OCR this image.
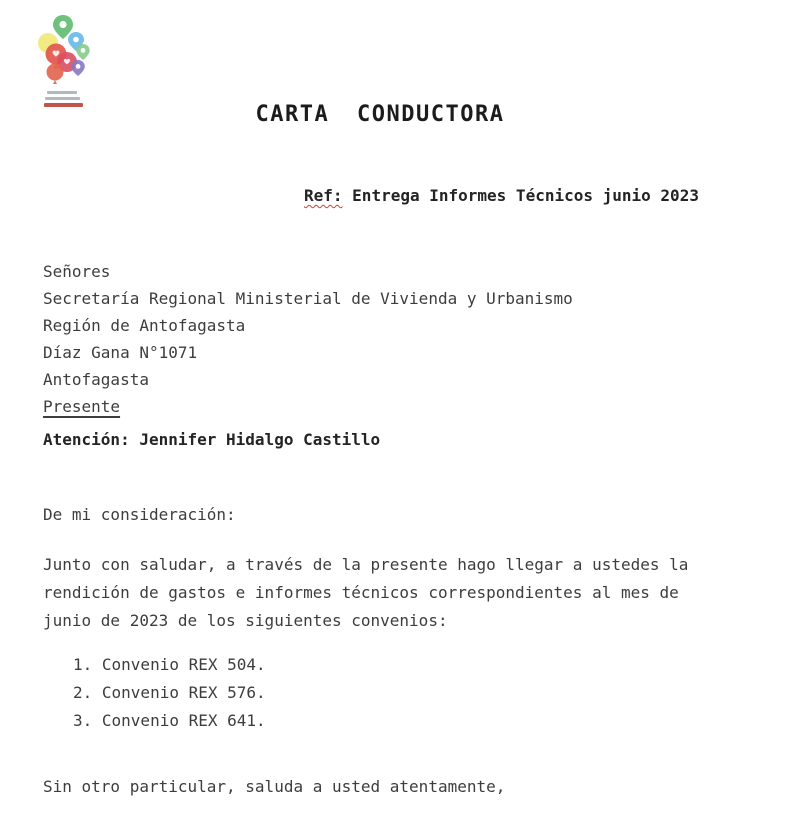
CARTA CONDUCTORA
Ref: Entrega Informes Técnicos junio 2023
Señores
Secretaría Regional Ministerial de Vivienda y Urbanismo
Región de Antofagasta
Díaz Gana N°1071
Antofagasta
Presente
Atención: Jennifer Hidalgo Castillo
De mi consideración:
Junto con saludar, a través de la presente hago llegar a ustedes la
rendición de gastos e informes técnicos correspondientes al mes de
junio de 2023 de los siguientes convenios:
1. Convenio REX 504.
2. Convenio REX 576.
3. Convenio REX 641.
Sin otro particular, saluda a usted atentamente,
